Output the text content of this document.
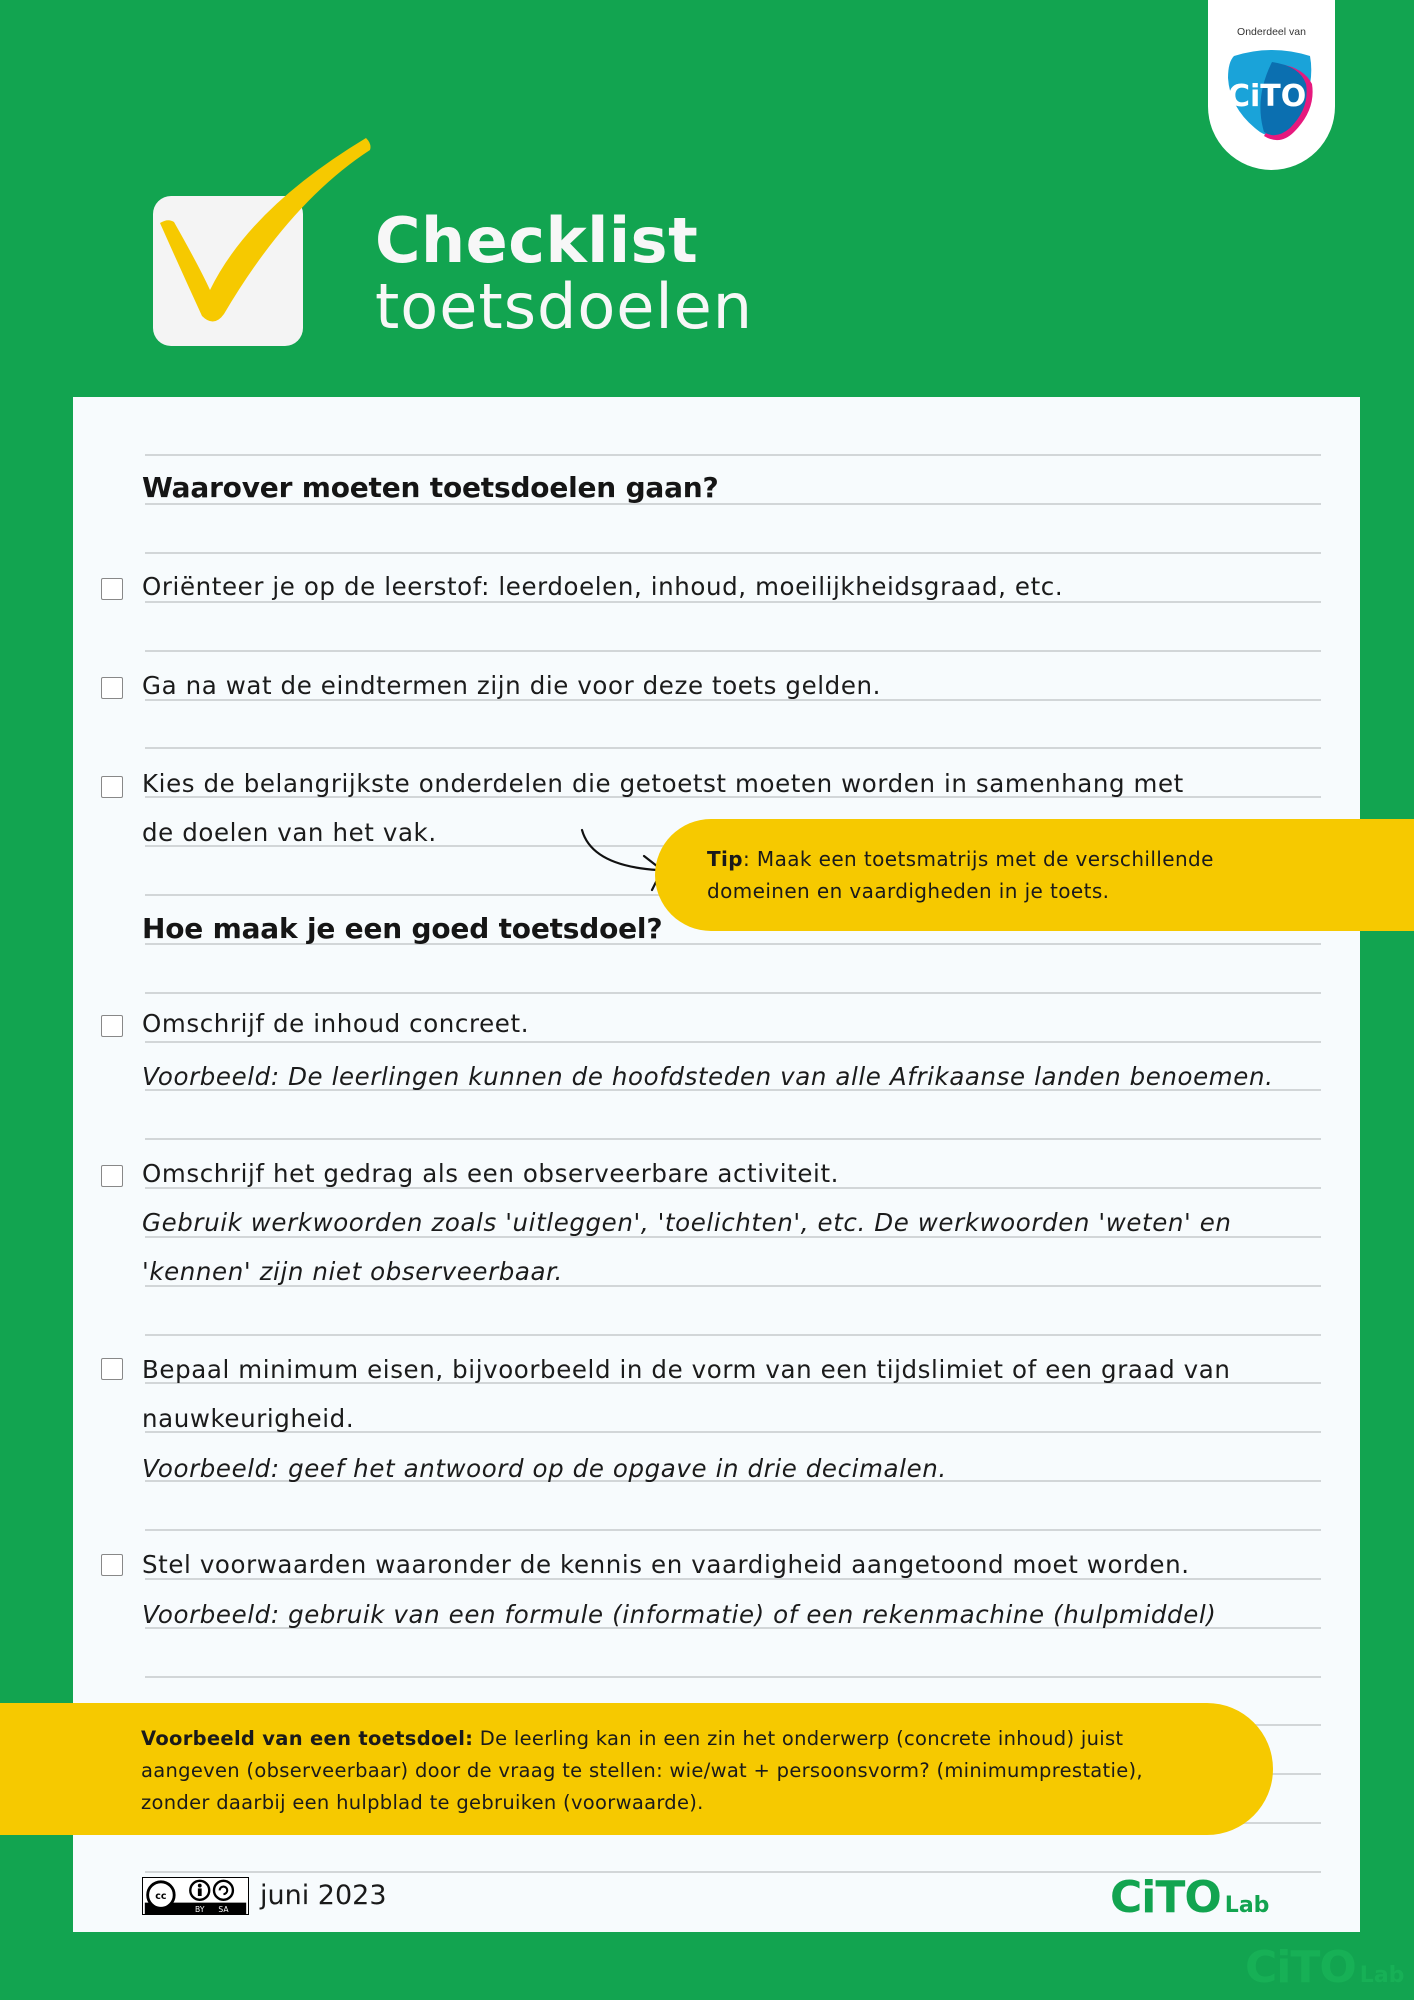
Onderdeel van
CiTO
Checklist
toetsdoelen
Waarover moeten toetsdoelen gaan?
Oriënteer je op de leerstof: leerdoelen, inhoud, moeilijkheidsgraad, etc.
Ga na wat de eindtermen zijn die voor deze toets gelden.
Kies de belangrijkste onderdelen die getoetst moeten worden in samenhang met
de doelen van het vak.
Hoe maak je een goed toetsdoel?
Omschrijf de inhoud concreet.
Voorbeeld: De leerlingen kunnen de hoofdsteden van alle Afrikaanse landen benoemen.
Omschrijf het gedrag als een observeerbare activiteit.
Gebruik werkwoorden zoals 'uitleggen', 'toelichten', etc. De werkwoorden 'weten' en
'kennen' zijn niet observeerbaar.
Bepaal minimum eisen, bijvoorbeeld in de vorm van een tijdslimiet of een graad van
nauwkeurigheid.
Voorbeeld: geef het antwoord op de opgave in drie decimalen.
Stel voorwaarden waaronder de kennis en vaardigheid aangetoond moet worden.
Voorbeeld: gebruik van een formule (informatie) of een rekenmachine (hulpmiddel)
Tip: Maak een toetsmatrijs met de verschillende
domeinen en vaardigheden in je toets.
Voorbeeld van een toetsdoel: De leerling kan in een zin het onderwerp (concrete inhoud) juist
aangeven (observeerbaar) door de vraag te stellen: wie/wat + persoonsvorm? (minimumprestatie),
zonder daarbij een hulpblad te gebruiken (voorwaarde).
cc
BY SA juni 2023	CiTO Lab
CiTO Lab
